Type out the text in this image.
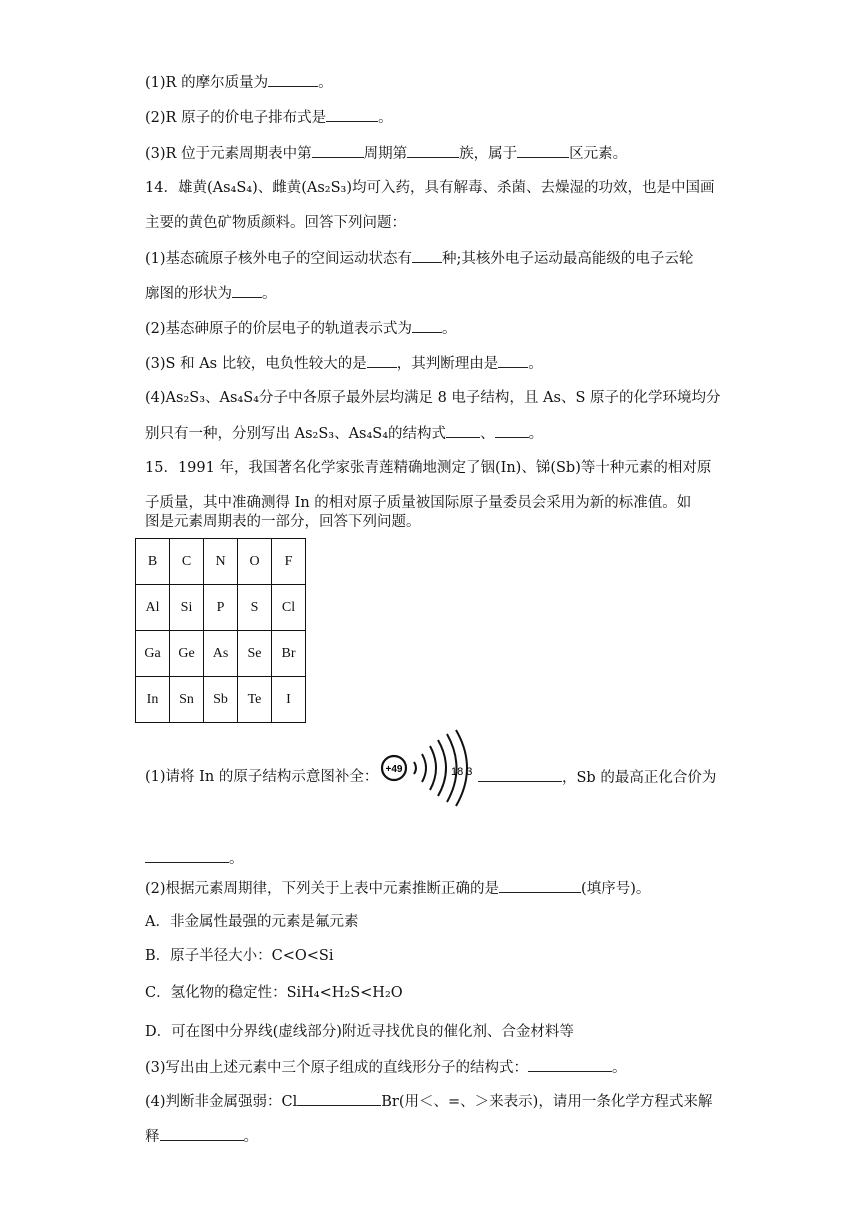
(1)R 的摩尔质量为	。
(2)R 原子的价电子排布式是	。
(3)R 位于元素周期表中第	周期第	族，属于	区元素。
14．雄黄(As₄S₄)、雌黄(As₂S₃)均可入药，具有解毒、杀菌、去燥湿的功效，也是中国画
主要的黄色矿物质颜料。回答下列问题：
(1)基态硫原子核外电子的空间运动状态有 种;其核外电子运动最高能级的电子云轮
廓图的形状为 。
(2)基态砷原子的价层电子的轨道表示式为 。
(3)S 和 As 比较，电负性较大的是 ，其判断理由是 。
(4)As₂S₃、As₄S₄分子中各原子最外层均满足 8 电子结构，且 As、S 原子的化学环境均分
别只有一种，分别写出 As₂S₃、As₄S₄的结构式 、 。
15．1991 年，我国著名化学家张青莲精确地测定了铟(In)、锑(Sb)等十种元素的相对原
子质量，其中准确测得 In 的相对原子质量被国际原子量委员会采用为新的标准值。如
图是元素周期表的一部分，回答下列问题。
B	C	N	O	F
Al	Si	P	S	Cl
Ga	Ge	As	Se	Br
In	Sn	Sb	Te	I
(1)请将 In 的原子结构示意图补全： +49	18 3	，Sb 的最高正化合价为
。
(2)根据元素周期律，下列关于上表中元素推断正确的是	(填序号)。
A．非金属性最强的元素是氟元素
B．原子半径大小：C<O<Si
C．氢化物的稳定性：SiH₄<H₂S<H₂O
D．可在图中分界线(虚线部分)附近寻找优良的催化剂、合金材料等
(3)写出由上述元素中三个原子组成的直线形分子的结构式：	。
(4)判断非金属强弱：Cl	Br(用＜、=、＞来表示)，请用一条化学方程式来解
释	。
